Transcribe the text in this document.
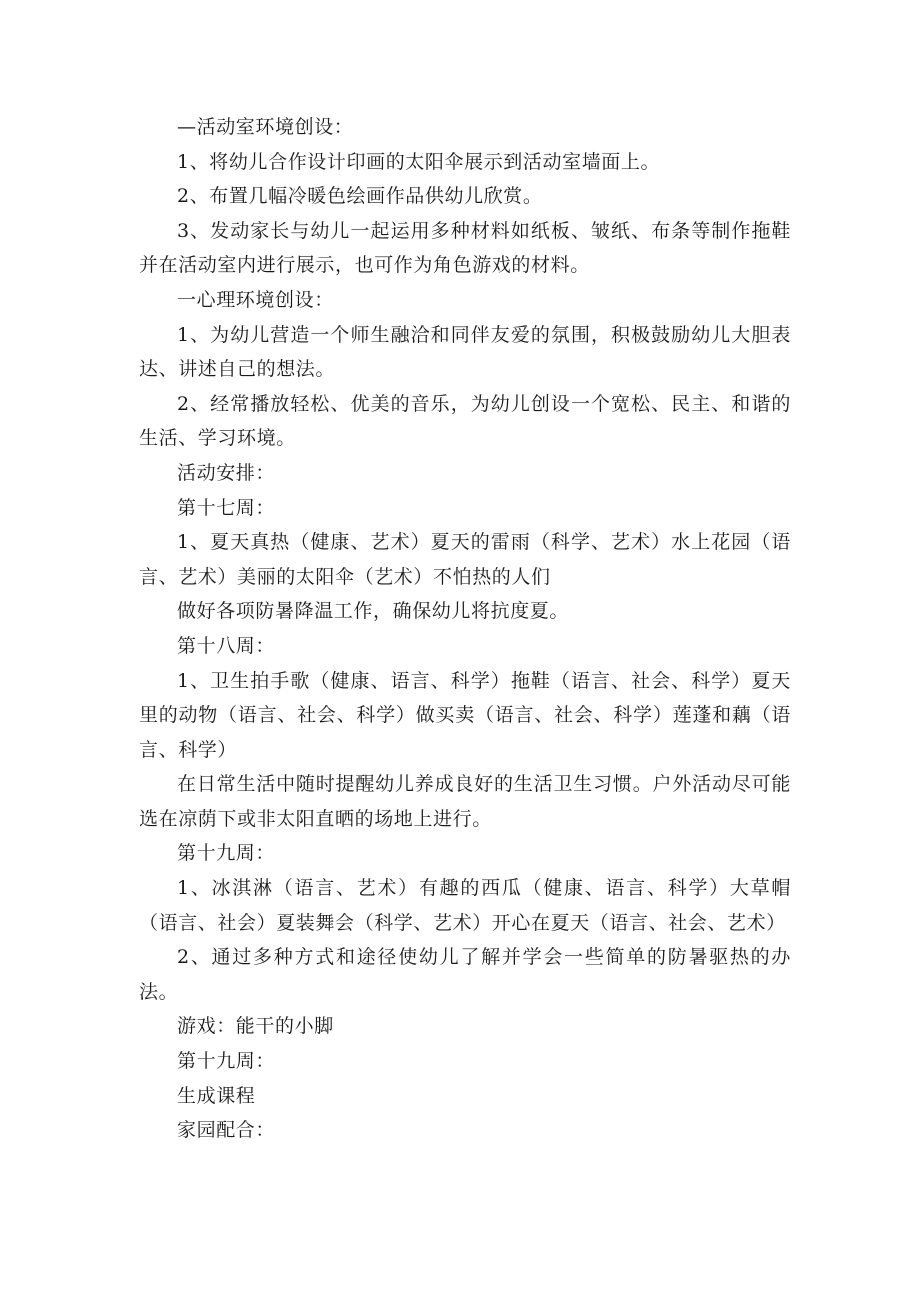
—活动室环境创设：

1、将幼儿合作设计印画的太阳伞展示到活动室墙面上。

2、布置几幅冷暖色绘画作品供幼儿欣赏。

3、发动家长与幼儿一起运用多种材料如纸板、皱纸、布条等制作拖鞋并在活动室内进行展示，也可作为角色游戏的材料。

一心理环境创设：

1、为幼儿营造一个师生融洽和同伴友爱的氛围，积极鼓励幼儿大胆表达、讲述自己的想法。

2、经常播放轻松、优美的音乐，为幼儿创设一个宽松、民主、和谐的生活、学习环境。

活动安排：

第十七周：

1、夏天真热（健康、艺术）夏天的雷雨（科学、艺术）水上花园（语言、艺术）美丽的太阳伞（艺术）不怕热的人们

做好各项防暑降温工作，确保幼儿将抗度夏。

第十八周：

1、卫生拍手歌（健康、语言、科学）拖鞋（语言、社会、科学）夏天里的动物（语言、社会、科学）做买卖（语言、社会、科学）莲蓬和藕（语言、科学）

在日常生活中随时提醒幼儿养成良好的生活卫生习惯。户外活动尽可能选在凉荫下或非太阳直晒的场地上进行。

第十九周：

1、冰淇淋（语言、艺术）有趣的西瓜（健康、语言、科学）大草帽（语言、社会）夏装舞会（科学、艺术）开心在夏天（语言、社会、艺术）

2、通过多种方式和途径使幼儿了解并学会一些简单的防暑驱热的办法。

游戏：能干的小脚

第十九周：

生成课程

家园配合：
